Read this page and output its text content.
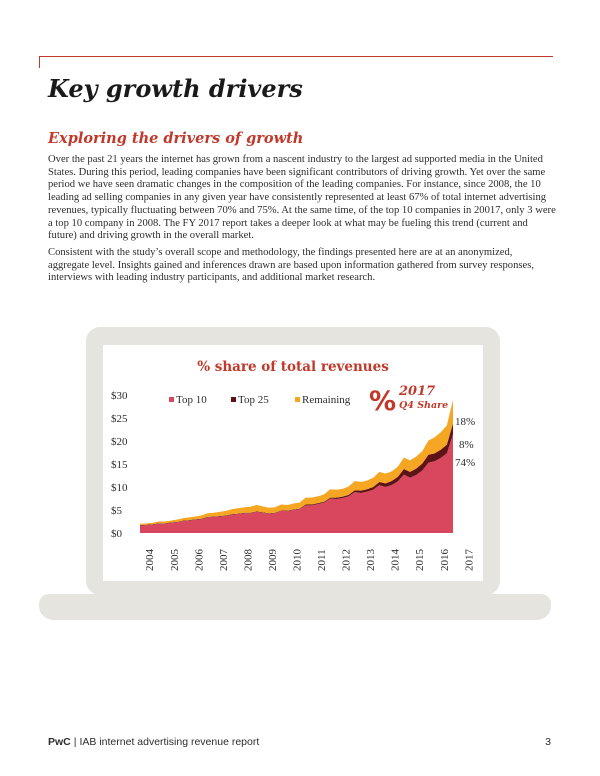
Key growth drivers
Exploring the drivers of growth

Over the past 21 years the internet has grown from a nascent industry to the largest ad supported media in the United States. During this period, leading companies have been significant contributors of driving growth. Yet over the same period we have seen dramatic changes in the composition of the leading companies. For instance, since 2008, the 10 leading ad selling companies in any given year have consistently represented at least 67% of total internet advertising revenues, typically fluctuating between 70% and 75%. At the same time, of the top 10 companies in 20017, only 3 were a top 10 company in 2008. The FY 2017 report takes a deeper look at what may be fueling this trend (current and future) and driving growth in the overall market.

Consistent with the study’s overall scope and methodology, the findings presented here are at an anonymized, aggregate level. Insights gained and inferences drawn are based upon information gathered from survey responses, interviews with leading industry participants, and additional market research.

% share of total revenues
$0
$5
$10
$15
$20
$25
$30
2004 2005 2006 2007 2008 2009 2010 2011 2012 2013 2014 2015 2016 2017
Top 10	Top 25	Remaining % 2017
Q4 Share
18%
8%
74%
PwC | IAB internet advertising revenue report	3
